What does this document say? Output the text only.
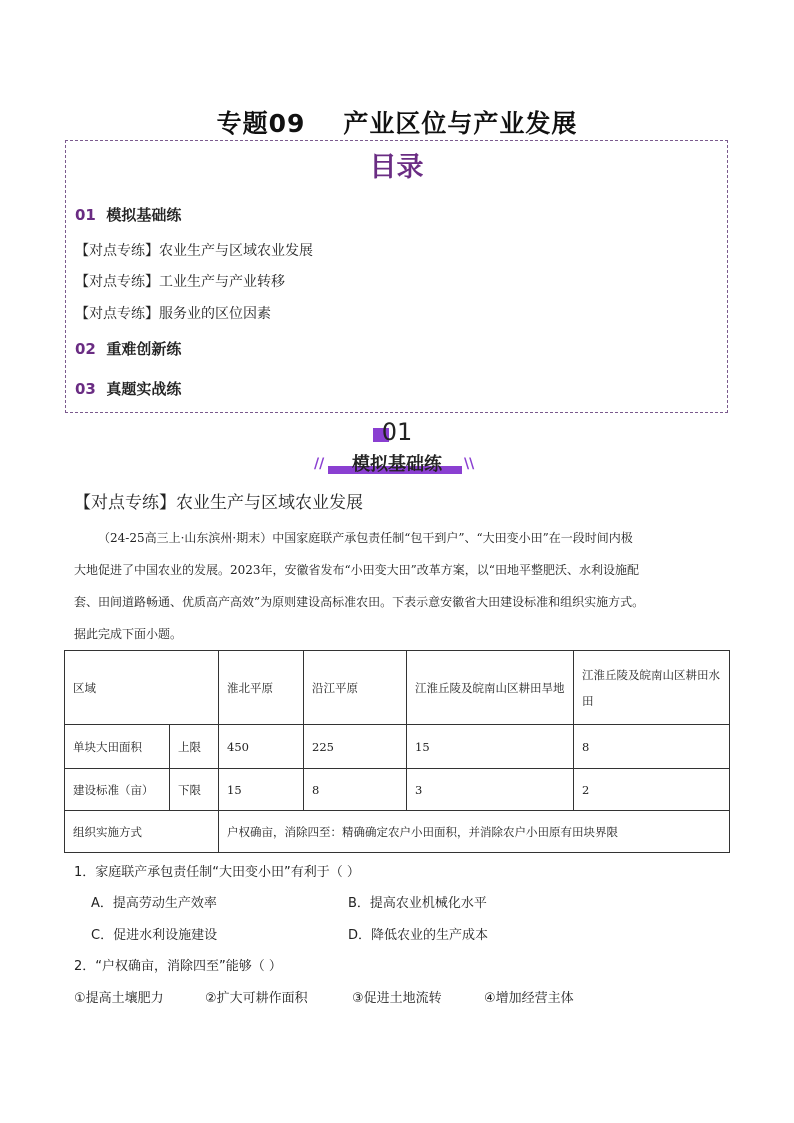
专题09 产业区位与产业发展
目录
01 模拟基础练
【对点专练】农业生产与区域农业发展
【对点专练】工业生产与产业转移
【对点专练】服务业的区位因素
02 重难创新练
03 真题实战练
01
模拟基础练
//	\\
【对点专练】农业生产与区域农业发展
（24-25高三上·山东滨州·期末）中国家庭联产承包责任制“包干到户”、“大田变小田”在一段时间内极
大地促进了中国农业的发展。2023年，安徽省发布“小田变大田”改革方案，以“田地平整肥沃、水利设施配
套、田间道路畅通、优质高产高效”为原则建设高标准农田。下表示意安徽省大田建设标准和组织实施方式。
据此完成下面小题。
区域		淮北平原	沿江平原	江淮丘陵及皖南山区耕田旱地	江淮丘陵及皖南山区耕田水田
单块大田面积	上限	450	225	15	8
建设标准（亩）	下限	15	8	3	2
组织实施方式		户权确亩，消除四至：精确确定农户小田面积，并消除农户小田原有田块界限			
1．家庭联产承包责任制“大田变小田”有利于（ ）
A．提高劳动生产效率	B．提高农业机械化水平
C．促进水利设施建设	D．降低农业的生产成本
2．“户权确亩，消除四至”能够（ ）
①提高土壤肥力	②扩大可耕作面积	③促进土地流转	④增加经营主体
